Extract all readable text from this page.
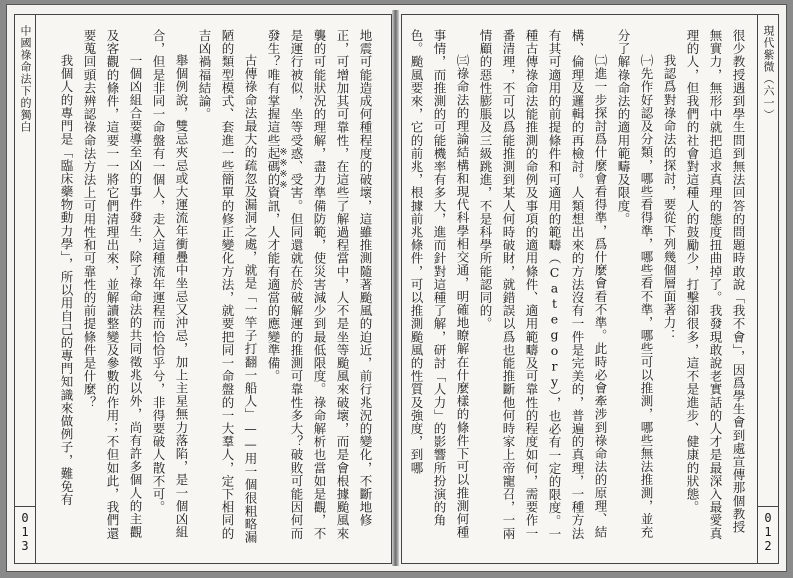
中國祿命法下的獨白
013
※※※※	地震可能造成何種程度的破壞，這雖推測隨著颱風的迫近，前行兆況的變化，不斷地修正，可增加其可靠性，在這些了解過程當中，人不是坐等颱風來破壞，而是會根據颱風來襲的可能狀況的理解，盡力準備防範，使災害減少到最低限度。祿命解析也當如是觀，不是運行被似，坐等受惑、受害。但同還就在於破解運的推測可靠性多大？破敗可能因何而發生？唯有掌握這些起碼的資訊，人才能有適當的應變準備。

古傳祿命法最大的疏忽及漏洞之處，就是「一竿子打翻一船人」——用一個很粗略漏陋的類型模式、套進一些簡單的修正變化方法，就要把同一命盤的一大羣人，定下相同的吉凶禍福結論。

舉個例說，雙忌夾忌或大運流年衝疊中坐忌又沖忌，加上主星無力落陷，是一個凶組合，但是非同一命盤有一個人，走入這種流年運程而恰恰乎兮，非得要破人散不可。

一個凶組合要導至凶的事件發生，除了祿命法的共同徵兆以外，尚有許多個人的主觀及客觀的條件，這要一一將它們清理出來，並解讀整變及參數的作用；不但如此，我們還要蒐回頭去辨認祿命法方法上可用性和可靠性的前提條件是什麼？

我個人的專門是「臨床藥物動力學」，所以用自己的專門知識來做例子，難免有	現代紫微（六一）
012

很少教授遇到學生問到無法回答的問題時敢說「我不會」，因爲學生會到處宣傳那個教授無實力，無形中就把追求真理的態度扭曲掉了。我發現敢說老實話的人才是最深入最愛真理的人，但我們的社會對這種人的鼓勵少，打擊卻很多，這不是進步、健康的狀態。

我認爲對祿命法的探討，要從下列幾個層面著力：

㈠先作好認及分類，哪些看得準，哪些看不準，哪些可以推測，哪些無法推測，並充分了解祿命法的適用範疇及限度。

㈡進一步探討爲什麼會看得準，爲什麼會看不準。此時必會牽涉到祿命法的原理、結構、倫理及邏輯的再檢討。人類想出來的方法沒有一件是完美的，普遍的真理，一種方法有其可適用的前提條件和可適用的範疇（Category），也必有一定的限度。一種古傳祿命法能推測的命例及事項的適用條件、適用範疇及可靠性的程度如何，需要作一番清理，不可以爲能推測到某人何時破財，就錯誤以爲也能推斷他何時家上帝寵召，一兩情顧的惡性膨脹及三級跳進，不是科學所能認同的。

㈢祿命法的理論結構和現代科學相交通，明確地瞭解在什麼樣的條件下可以推測何種事情，而推測的可能機率有多大，進而針對這種了解，研討「人力」的影響所扮演的角色。颱風要來，它的前兆，根據前兆條件，可以推測颱風的性質及強度，到哪
